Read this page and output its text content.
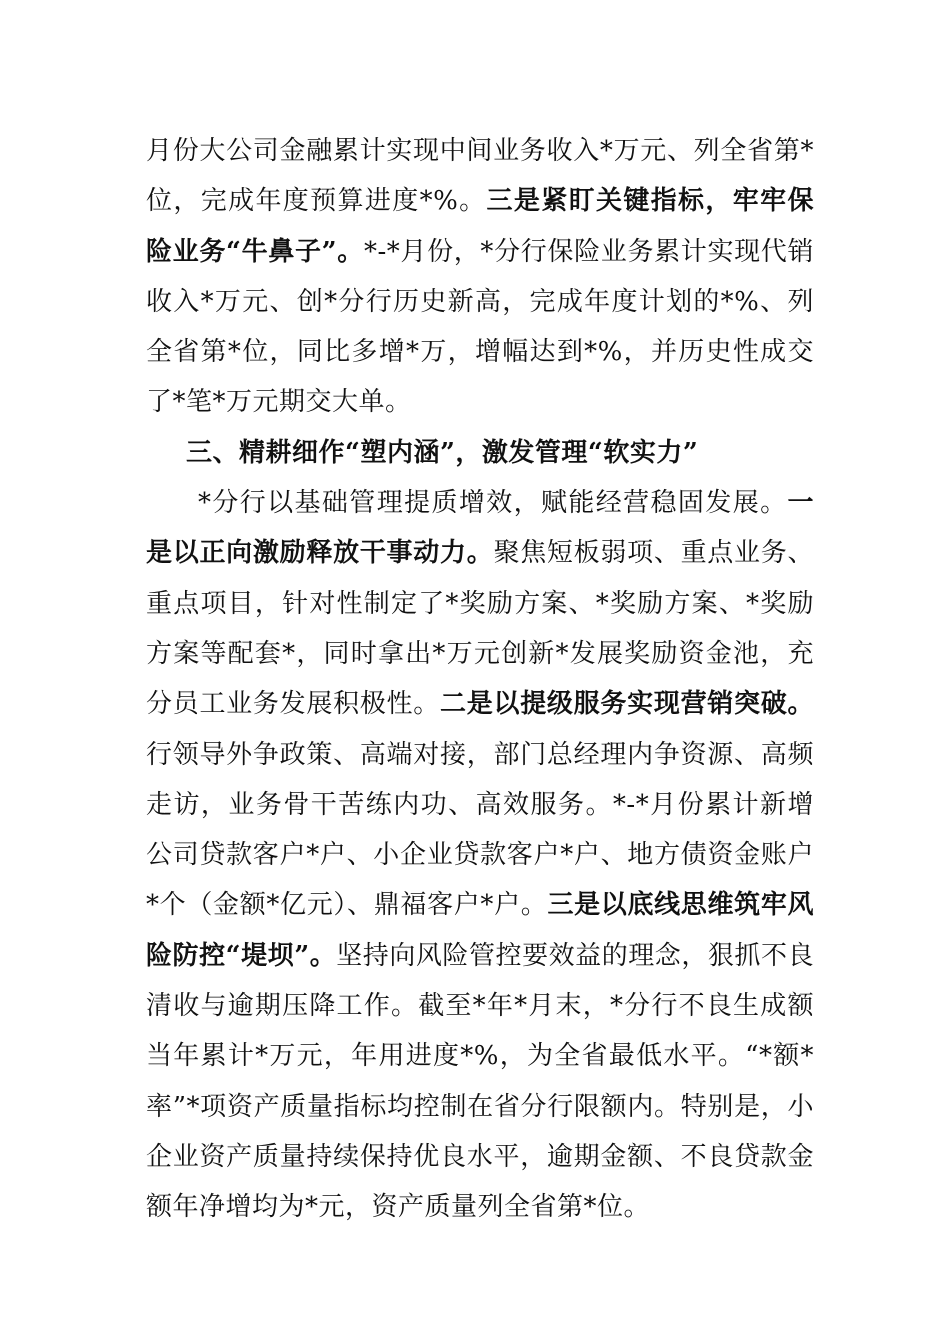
月份大公司金融累计实现中间业务收入*万元、列全省第*位，完成年度预算进度*%。三是紧盯关键指标，牢牢保险业务“牛鼻子”。*-*月份，*分行保险业务累计实现代销收入*万元、创*分行历史新高，完成年度计划的*%、列全省第*位，同比多增*万，增幅达到*%，并历史性成交了*笔*万元期交大单。

三、精耕细作“塑内涵”，激发管理“软实力”

*分行以基础管理提质增效，赋能经营稳固发展。一是以正向激励释放干事动力。聚焦短板弱项、重点业务、重点项目，针对性制定了*奖励方案、*奖励方案、*奖励方案等配套*，同时拿出*万元创新*发展奖励资金池，充分员工业务发展积极性。二是以提级服务实现营销突破。行领导外争政策、高端对接，部门总经理内争资源、高频走访，业务骨干苦练内功、高效服务。*-*月份累计新增公司贷款客户*户、小企业贷款客户*户、地方债资金账户*个（金额*亿元）、鼎福客户*户。三是以底线思维筑牢风险防控“堤坝”。坚持向风险管控要效益的理念，狠抓不良清收与逾期压降工作。截至*年*月末，*分行不良生成额当年累计*万元，年用进度*%，为全省最低水平。“*额*率”*项资产质量指标均控制在省分行限额内。特别是，小企业资产质量持续保持优良水平，逾期金额、不良贷款金额年净增均为*元，资产质量列全省第*位。
